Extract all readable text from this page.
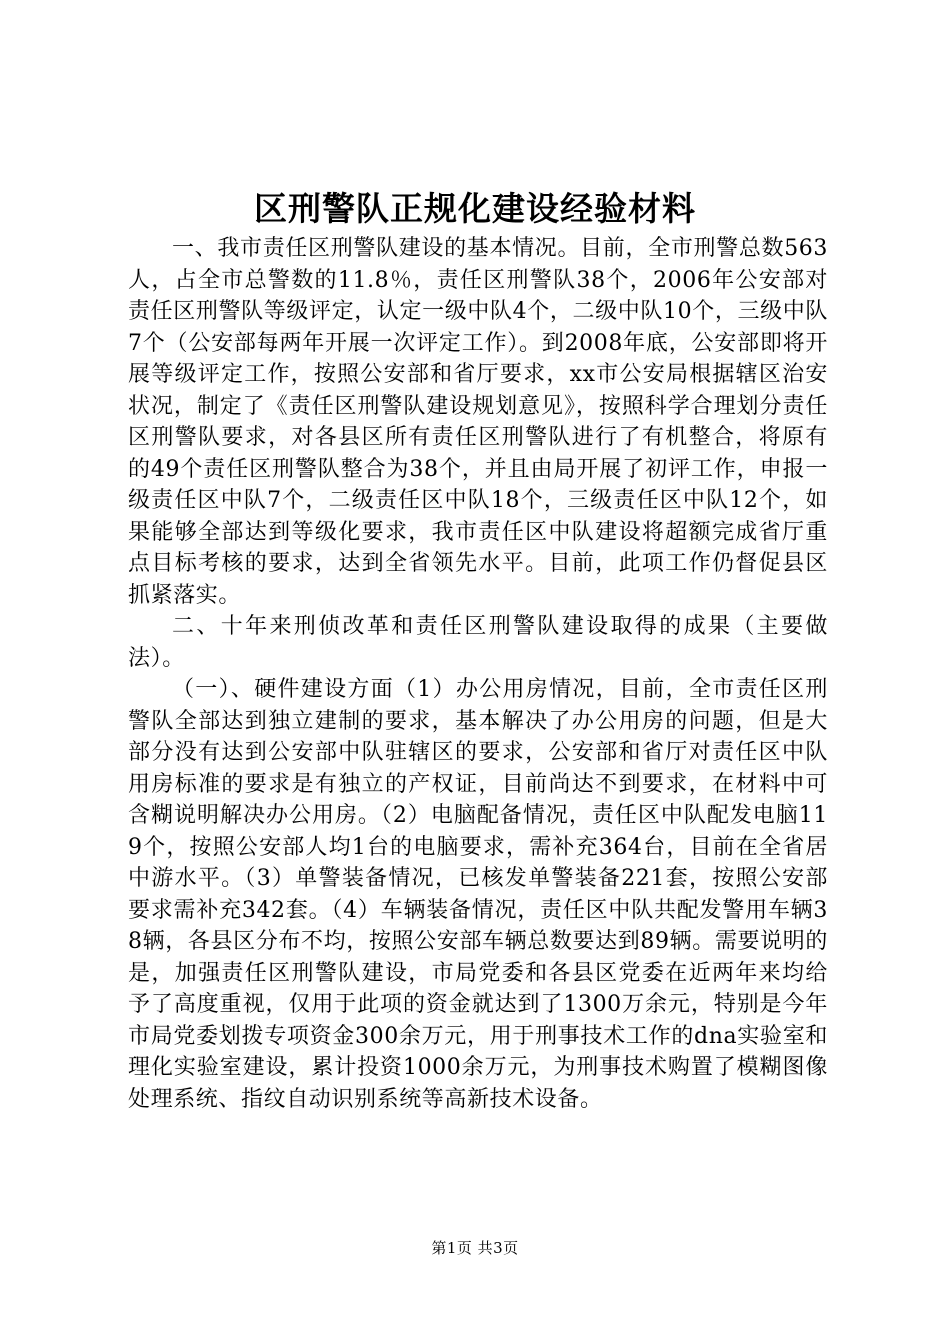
区刑警队正规化建设经验材料

一、我市责任区刑警队建设的基本情况。目前，全市刑警总数563人，占全市总警数的11.8％，责任区刑警队38个，2006年公安部对责任区刑警队等级评定，认定一级中队4个，二级中队10个，三级中队7个（公安部每两年开展一次评定工作）。到2008年底，公安部即将开展等级评定工作，按照公安部和省厅要求，xx市公安局根据辖区治安状况，制定了《责任区刑警队建设规划意见》，按照科学合理划分责任区刑警队要求，对各县区所有责任区刑警队进行了有机整合，将原有的49个责任区刑警队整合为38个，并且由局开展了初评工作，申报一级责任区中队7个，二级责任区中队18个，三级责任区中队12个，如果能够全部达到等级化要求，我市责任区中队建设将超额完成省厅重点目标考核的要求，达到全省领先水平。目前，此项工作仍督促县区抓紧落实。

二、十年来刑侦改革和责任区刑警队建设取得的成果（主要做法）。

（一）、硬件建设方面（1）办公用房情况，目前，全市责任区刑警队全部达到独立建制的要求，基本解决了办公用房的问题，但是大部分没有达到公安部中队驻辖区的要求，公安部和省厅对责任区中队用房标准的要求是有独立的产权证，目前尚达不到要求，在材料中可含糊说明解决办公用房。（2）电脑配备情况，责任区中队配发电脑119个，按照公安部人均1台的电脑要求，需补充364台，目前在全省居中游水平。（3）单警装备情况，已核发单警装备221套，按照公安部要求需补充342套。（4）车辆装备情况，责任区中队共配发警用车辆38辆，各县区分布不均，按照公安部车辆总数要达到89辆。需要说明的是，加强责任区刑警队建设，市局党委和各县区党委在近两年来均给予了高度重视，仅用于此项的资金就达到了1300万余元，特别是今年市局党委划拨专项资金300余万元，用于刑事技术工作的dna实验室和理化实验室建设，累计投资1000余万元，为刑事技术购置了模糊图像处理系统、指纹自动识别系统等高新技术设备。

第1页 共3页
